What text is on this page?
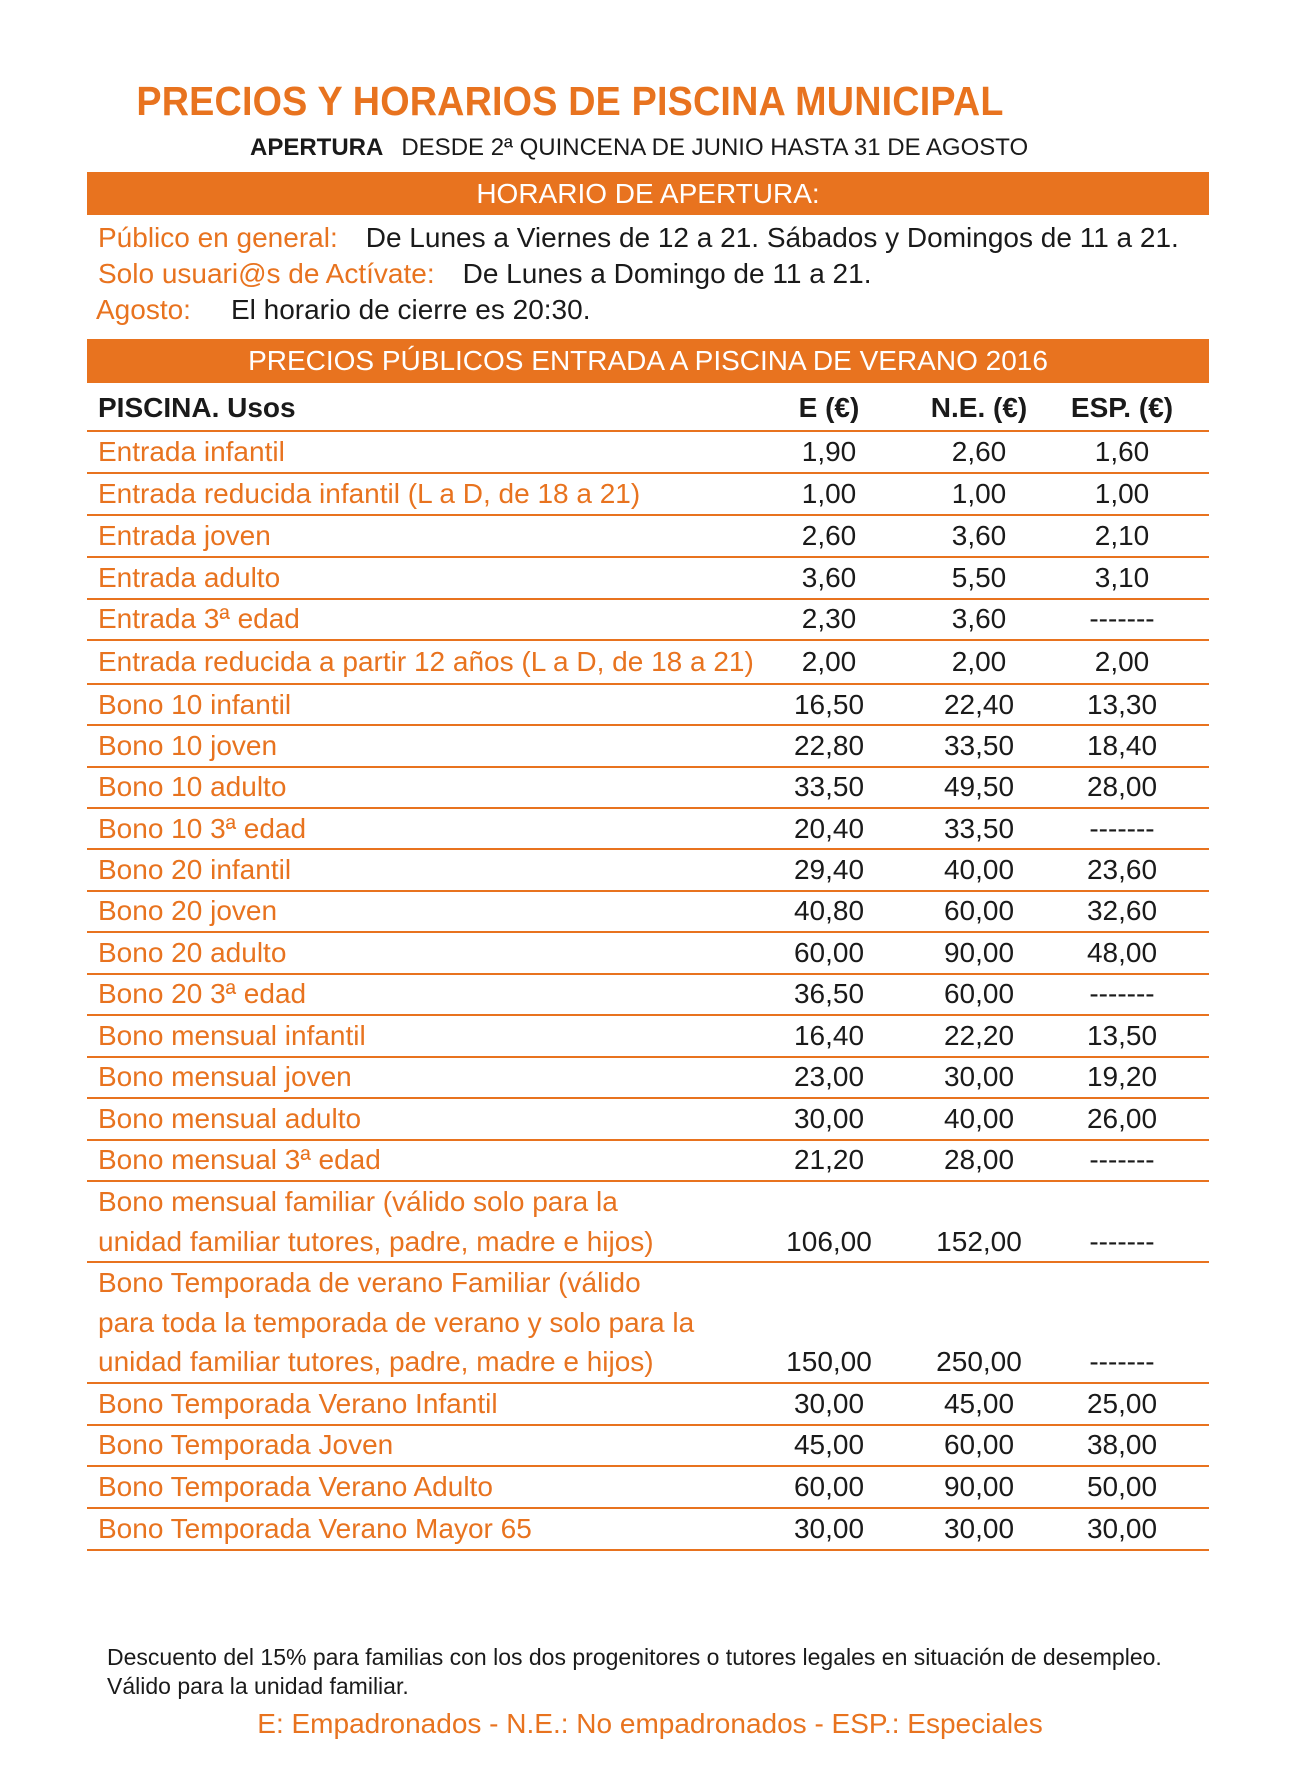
PRECIOS Y HORARIOS DE PISCINA MUNICIPAL
APERTURA DESDE 2ª QUINCENA DE JUNIO HASTA 31 DE AGOSTO
HORARIO DE APERTURA:
Público en general: De Lunes a Viernes de 12 a 21. Sábados y Domingos de 11 a 21.
Solo usuari@s de Actívate: De Lunes a Domingo de 11 a 21.
Agosto: El horario de cierre es 20:30.
PRECIOS PÚBLICOS ENTRADA A PISCINA DE VERANO 2016
PISCINA. Usos	E (€)	N.E. (€)	ESP. (€)
Entrada infantil	1,90	2,60	1,60
Entrada reducida infantil (L a D, de 18 a 21)	1,00	1,00	1,00
Entrada joven	2,60	3,60	2,10
Entrada adulto	3,60	5,50	3,10
Entrada 3ª edad	2,30	3,60	-------
Entrada reducida a partir 12 años (L a D, de 18 a 21)	2,00	2,00	2,00
Bono 10 infantil	16,50	22,40	13,30
Bono 10 joven	22,80	33,50	18,40
Bono 10 adulto	33,50	49,50	28,00
Bono 10 3ª edad	20,40	33,50	-------
Bono 20 infantil	29,40	40,00	23,60
Bono 20 joven	40,80	60,00	32,60
Bono 20 adulto	60,00	90,00	48,00
Bono 20 3ª edad	36,50	60,00	-------
Bono mensual infantil	16,40	22,20	13,50
Bono mensual joven	23,00	30,00	19,20
Bono mensual adulto	30,00	40,00	26,00
Bono mensual 3ª edad	21,20	28,00	-------
Bono mensual familiar (válido solo para la
unidad familiar tutores, padre, madre e hijos)	106,00	152,00	-------
Bono Temporada de verano Familiar (válido
para toda la temporada de verano y solo para la
unidad familiar tutores, padre, madre e hijos)	150,00	250,00	-------
Bono Temporada Verano Infantil	30,00	45,00	25,00
Bono Temporada Joven	45,00	60,00	38,00
Bono Temporada Verano Adulto	60,00	90,00	50,00
Bono Temporada Verano Mayor 65	30,00	30,00	30,00
Descuento del 15% para familias con los dos progenitores o tutores legales en situación de desempleo.
Válido para la unidad familiar.
E: Empadronados - N.E.: No empadronados - ESP.: Especiales
